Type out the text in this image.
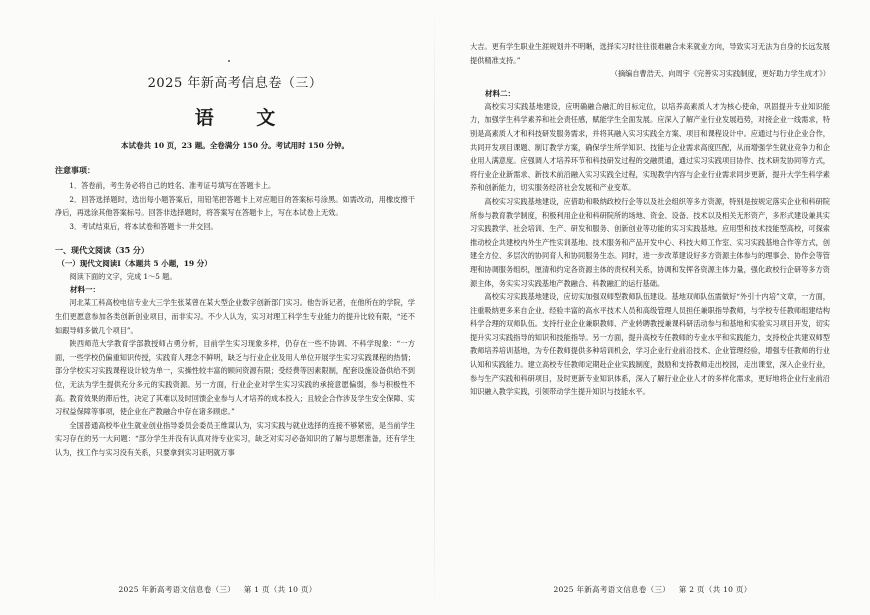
2025 年新高考信息卷（三）
语 文
本试卷共 10 页，23 题。全卷满分 150 分。考试用时 150 分钟。
注意事项：

1．答卷前，考生务必将自己的姓名、准考证号填写在答题卡上。

2．回答选择题时，选出每小题答案后，用铅笔把答题卡上对应题目的答案标号涂黑。如需改动，用橡皮擦干净后，再选涂其他答案标号。回答非选择题时，将答案写在答题卡上，写在本试卷上无效。

3．考试结束后，将本试卷和答题卡一并交回。

一、现代文阅读（35 分）
（一）现代文阅读Ⅰ（本题共 5 小题，19 分）
阅读下面的文字，完成 1～5 题。
材料一：

河北某工科高校电信专业大三学生张某曾在某大型企业数字创新部门实习。他告诉记者，在他所在的学院，学生们更愿意参加各类创新创业项目，而非实习。不少人认为，实习对理工科学生专业能力的提升比较有限，“还不如跟导师多做几个项目”。

陕西师范大学教育学部教授师占勇分析，目前学生实习现象多样，仍存在一些不协调、不科学现象：“一方面，一些学校仍偏重知识传授，实践育人理念不鲜明，缺乏与行业企业及用人单位开展学生实习实践课程的热情；部分学校实习实践课程设计较为单一，实操性较丰富的顾问资源有限；受经费等因素限制，配套设施设备供给不到位，无法为学生提供充分多元的实践资源。另一方面，行业企业对学生实习实践的承接意愿偏弱，参与积极性不高。教育效果的滞后性，决定了其难以及时回馈企业参与人才培养的成本投入；且较企合作涉及学生安全保障、实习权益保障等事项，使企业在产教融合中存在诸多顾虑。”

全国普通高校毕业生就业创业指导委员会委员王维谋认为，实习实践与就业选择的连接不够紧密，是当前学生实习存在的另一大问题：“部分学生并没有认真对待专业实习，缺乏对实习必备知识的了解与思想准备，还有学生认为，找工作与实习没有关系，只要拿到实习证明就万事

2025 年新高考语文信息卷（三） 第 1 页（共 10 页）

大吉。更有学生职业生涯规划并不明晰，选择实习时往往很难融合未来就业方向，导致实习无法为自身的长远发展提供精准支持。”

（摘编自曹浩天、向周宇《完善实习实践制度，更好助力学生成才》）
材料二：

高校实习实践基地建设，应明确融合融汇的目标定位，以培养高素质人才为核心使命，巩固提升专业知识能力，加强学生科学素养和社会责任感，赋能学生全面发展。应深入了解产业行业发展趋势，对接企业一线需求，特别是高素质人才和科技研发服务需求，并将其融入实习实践全方案、项目和课程设计中。应通过与行业企业合作，共同开发项目课题、制订教学方案，确保学生所学知识、技能与企业需求高度匹配，从而增强学生就业竞争力和企业用人满意度。应强调人才培养环节和科技研发过程的交融贯通，通过实习实践项目协作、技术研发协同等方式，将行业企业新需求、新技术前沿融入实习实践全过程，实现教学内容与企业行业需求同步更新，提升大学生科学素养和创新能力，切实服务经济社会发展和产业变革。

高校实习实践基地建设，应借助和吸纳政校行企等以及社会组织等多方资源，特别是按规定落实企业和科研院所参与教育教学制度，积极利用企业和科研院所的场地、资金、设备、技术以及相关无形资产，多形式建设兼具实习实践教学、社会培训、生产、研发和服务、创新创业等功能的实习实践基地。应用型和技术技能型高校，可探索推动校企共建校内外生产性实训基地、技术服务和产品开发中心、科技大师工作室、实习实践基地合作等方式，创建全方位、多层次的协同育人和协同服务生态。同时，进一步改革建设好多方资源主体参与的理事会、协作会等管理和协调服务组织，厘清和约定各资源主体的责权利关系，协调和发挥各资源主体力量，强化政校行企研等多方资源主体，务实实习实践基地产教融合、科教融汇的运行基础。

高校实习实践基地建设，应切实加强双师型教师队伍建设。基地双师队伍需做好“外引十内培”文章，一方面，注重吸纳更多来自企业、经验丰富的高水平技术人员和高级管理人员担任兼职指导教师，与学校专任教师组建结构科学合理的双师队伍。支持行业企业兼职教师、产业转聘教授兼课科研活动参与和基地和实验实习项目开发，切实提升实习实践指导的知识和技能指导。另一方面，提升高校专任教师的专业水平和实践能力，支持校企共建双师型教师培养培训基地，为专任教师提供多种培训机会，学习企业行业前沿技术、企业管理经验，增强专任教师的行业认知和实践能力。建立高校专任教师定期赴企业实践制度，鼓励和支持教师走出校园，走出课堂，深入企业行业，参与生产实践和科研项目，及时更新专业知识体系，深入了解行业企业人才的多样化需求，更好地将企业行业前沿知识融入教学实践，引领带动学生提升知识与技能水平。

2025 年新高考语文信息卷（三） 第 2 页（共 10 页）
